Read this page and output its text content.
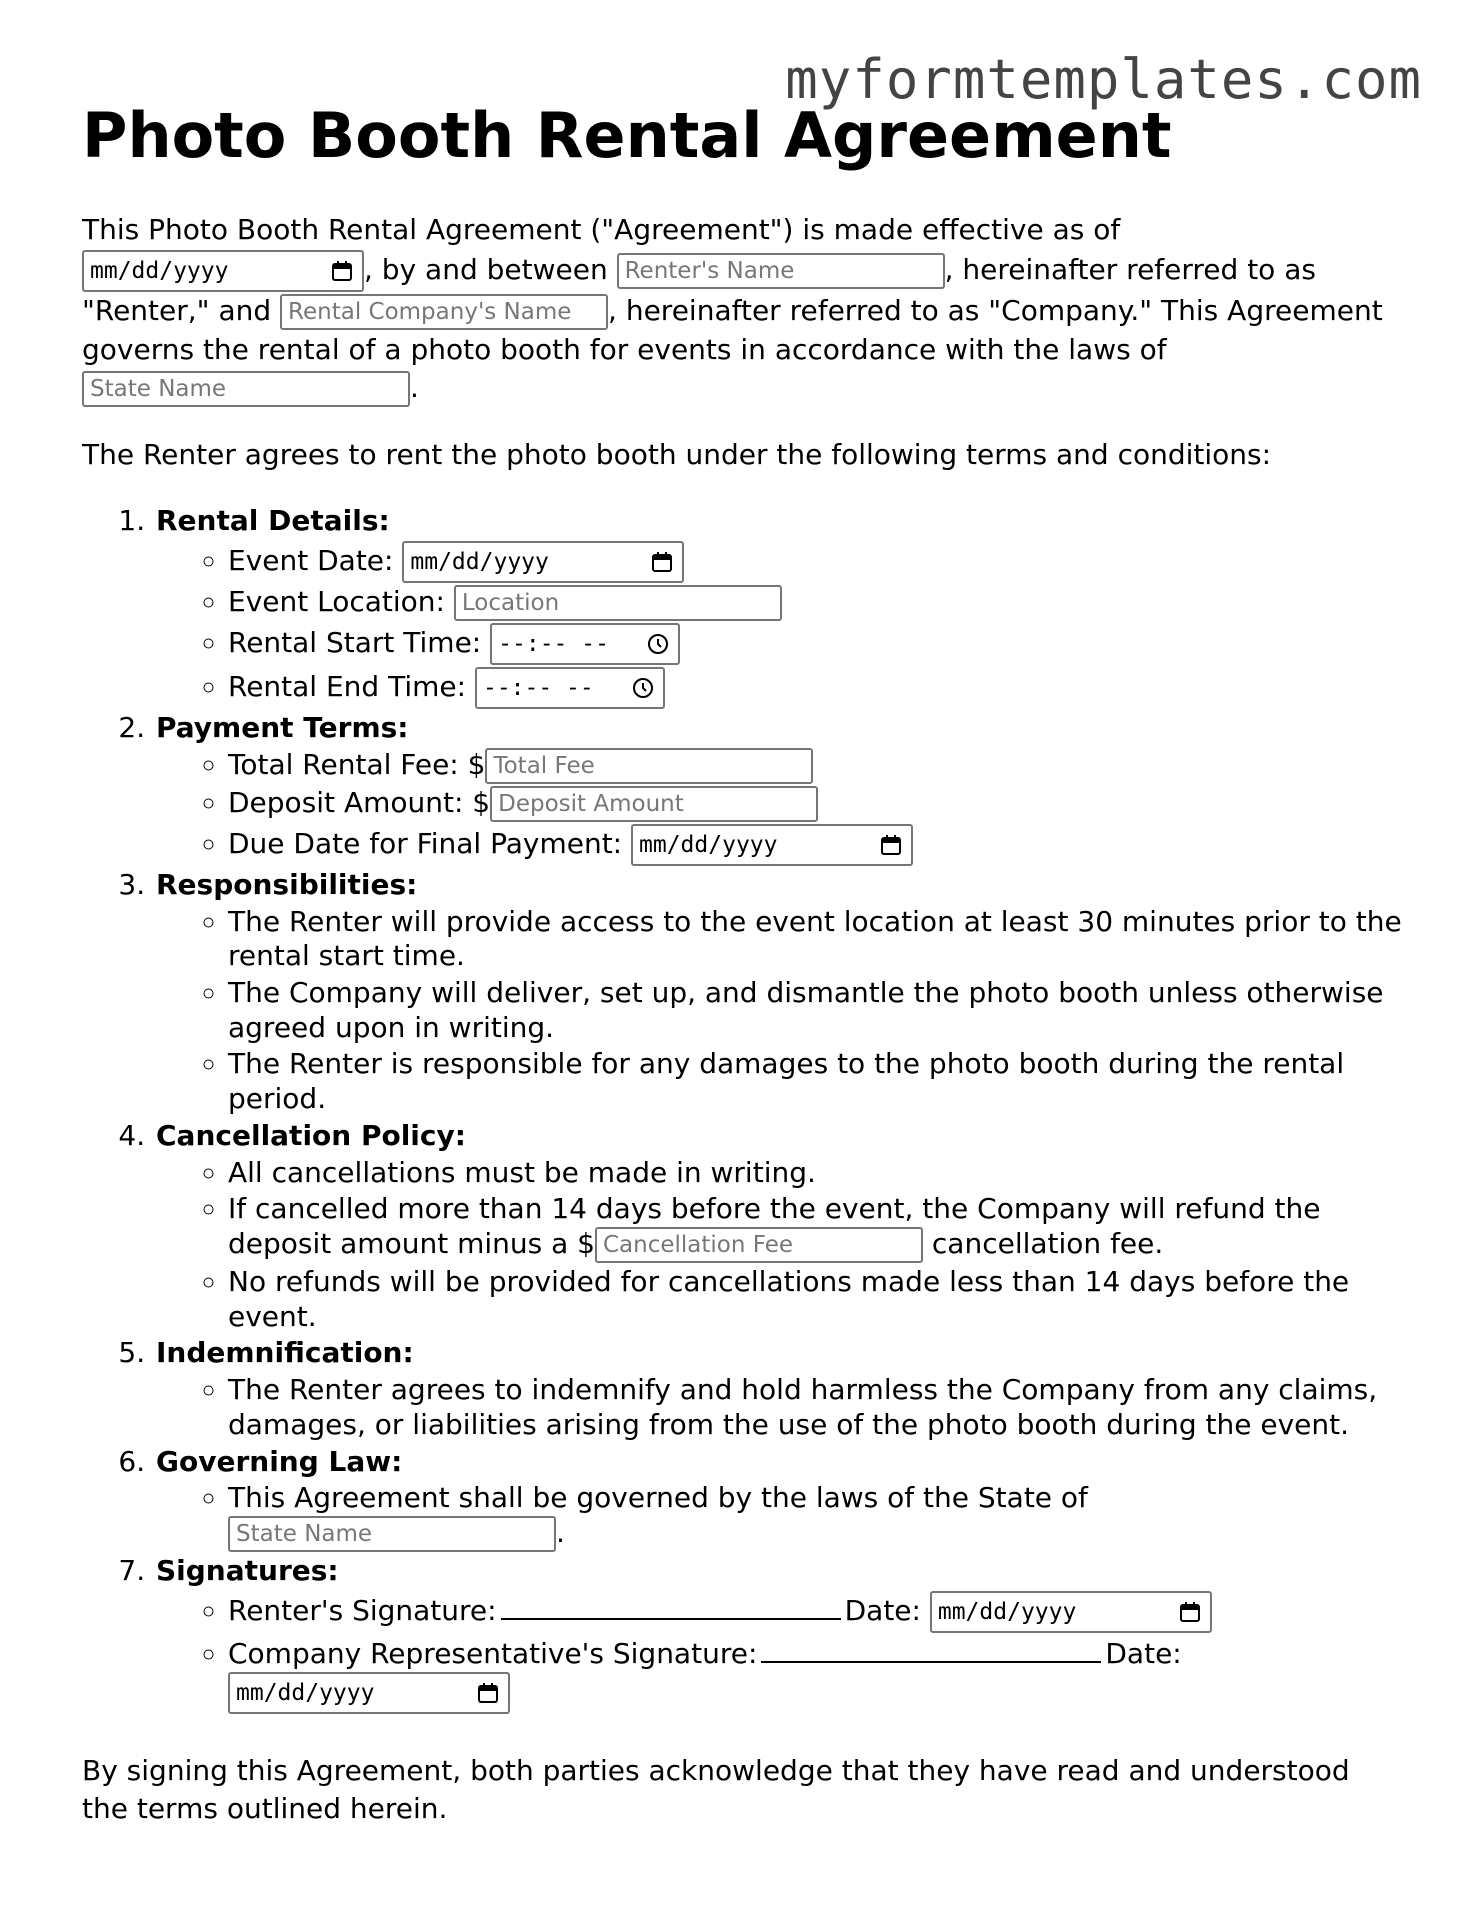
myformtemplates.com
Photo Booth Rental Agreement

This Photo Booth Rental Agreement ("Agreement") is made effective as of mm/dd/yyyy	, by and between Renter's Name	, hereinafter referred to as "Renter," and Rental Company's Name , hereinafter referred to as "Company." This Agreement governs the rental of a photo booth for events in accordance with the laws of State Name	.

The Renter agrees to rent the photo booth under the following terms and conditions:

1. Rental Details:
◦ Event Date: mm/dd/yyyy
◦ Event Location: Location
◦ Rental Start Time: --:-- --
◦ Rental End Time: --:-- --
2. Payment Terms:
◦ Total Rental Fee: $ Total Fee
◦ Deposit Amount: $ Deposit Amount
◦ Due Date for Final Payment: mm/dd/yyyy
3. Responsibilities:
◦ The Renter will provide access to the event location at least 30 minutes prior to the rental start time.
◦ The Company will deliver, set up, and dismantle the photo booth unless otherwise agreed upon in writing.
◦ The Renter is responsible for any damages to the photo booth during the rental period.
4. Cancellation Policy:
◦ All cancellations must be made in writing.
◦ If cancelled more than 14 days before the event, the Company will refund the deposit amount minus a $ Cancellation Fee	cancellation fee.
◦ No refunds will be provided for cancellations made less than 14 days before the event.
5. Indemnification:
◦ The Renter agrees to indemnify and hold harmless the Company from any claims, damages, or liabilities arising from the use of the photo booth during the event.
6. Governing Law:
◦ This Agreement shall be governed by the laws of the State of
State Name	.
7. Signatures:
◦ Renter's Signature:	Date: mm/dd/yyyy
◦ Company Representative's Signature:	Date:
mm/dd/yyyy

By signing this Agreement, both parties acknowledge that they have read and understood the terms outlined herein.
